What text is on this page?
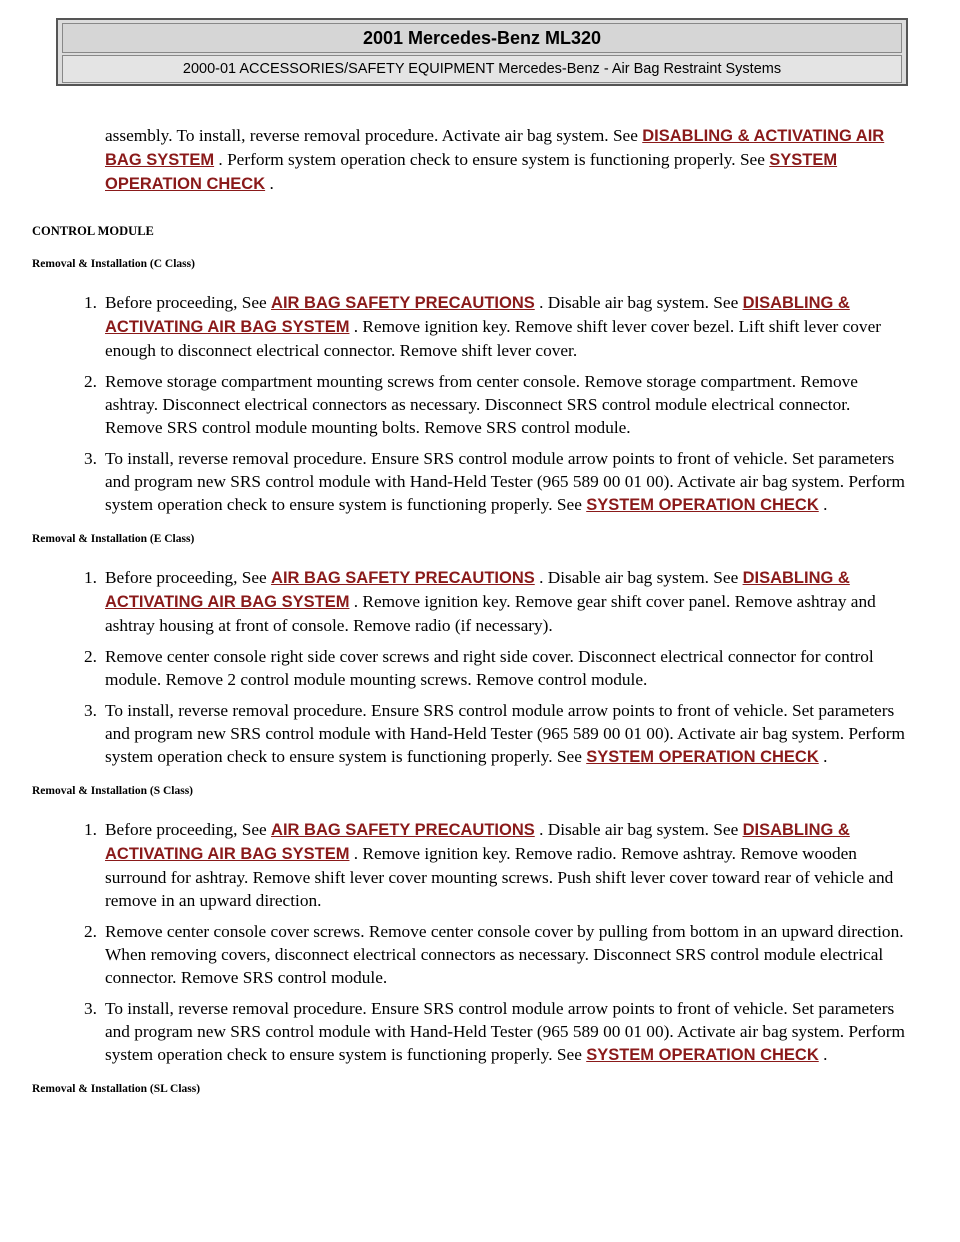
2001 Mercedes-Benz ML320
2000-01 ACCESSORIES/SAFETY EQUIPMENT Mercedes-Benz - Air Bag Restraint Systems

assembly. To install, reverse removal procedure. Activate air bag system. See DISABLING & ACTIVATING AIR BAG SYSTEM . Perform system operation check to ensure system is functioning properly. See SYSTEM OPERATION CHECK .

CONTROL MODULE
Removal & Installation (C Class)
1. Before proceeding, See AIR BAG SAFETY PRECAUTIONS . Disable air bag system. See DISABLING & ACTIVATING AIR BAG SYSTEM . Remove ignition key. Remove shift lever cover bezel. Lift shift lever cover enough to disconnect electrical connector. Remove shift lever cover.
2. Remove storage compartment mounting screws from center console. Remove storage compartment. Remove ashtray. Disconnect electrical connectors as necessary. Disconnect SRS control module electrical connector. Remove SRS control module mounting bolts. Remove SRS control module.
3. To install, reverse removal procedure. Ensure SRS control module arrow points to front of vehicle. Set parameters and program new SRS control module with Hand-Held Tester (965 589 00 01 00). Activate air bag system. Perform system operation check to ensure system is functioning properly. See SYSTEM OPERATION CHECK .
Removal & Installation (E Class)
1. Before proceeding, See AIR BAG SAFETY PRECAUTIONS . Disable air bag system. See DISABLING & ACTIVATING AIR BAG SYSTEM . Remove ignition key. Remove gear shift cover panel. Remove ashtray and ashtray housing at front of console. Remove radio (if necessary).
2. Remove center console right side cover screws and right side cover. Disconnect electrical connector for control module. Remove 2 control module mounting screws. Remove control module.
3. To install, reverse removal procedure. Ensure SRS control module arrow points to front of vehicle. Set parameters and program new SRS control module with Hand-Held Tester (965 589 00 01 00). Activate air bag system. Perform system operation check to ensure system is functioning properly. See SYSTEM OPERATION CHECK .
Removal & Installation (S Class)
1. Before proceeding, See AIR BAG SAFETY PRECAUTIONS . Disable air bag system. See DISABLING & ACTIVATING AIR BAG SYSTEM . Remove ignition key. Remove radio. Remove ashtray. Remove wooden surround for ashtray. Remove shift lever cover mounting screws. Push shift lever cover toward rear of vehicle and remove in an upward direction.
2. Remove center console cover screws. Remove center console cover by pulling from bottom in an upward direction. When removing covers, disconnect electrical connectors as necessary. Disconnect SRS control module electrical connector. Remove SRS control module.
3. To install, reverse removal procedure. Ensure SRS control module arrow points to front of vehicle. Set parameters and program new SRS control module with Hand-Held Tester (965 589 00 01 00). Activate air bag system. Perform system operation check to ensure system is functioning properly. See SYSTEM OPERATION CHECK .
Removal & Installation (SL Class)
